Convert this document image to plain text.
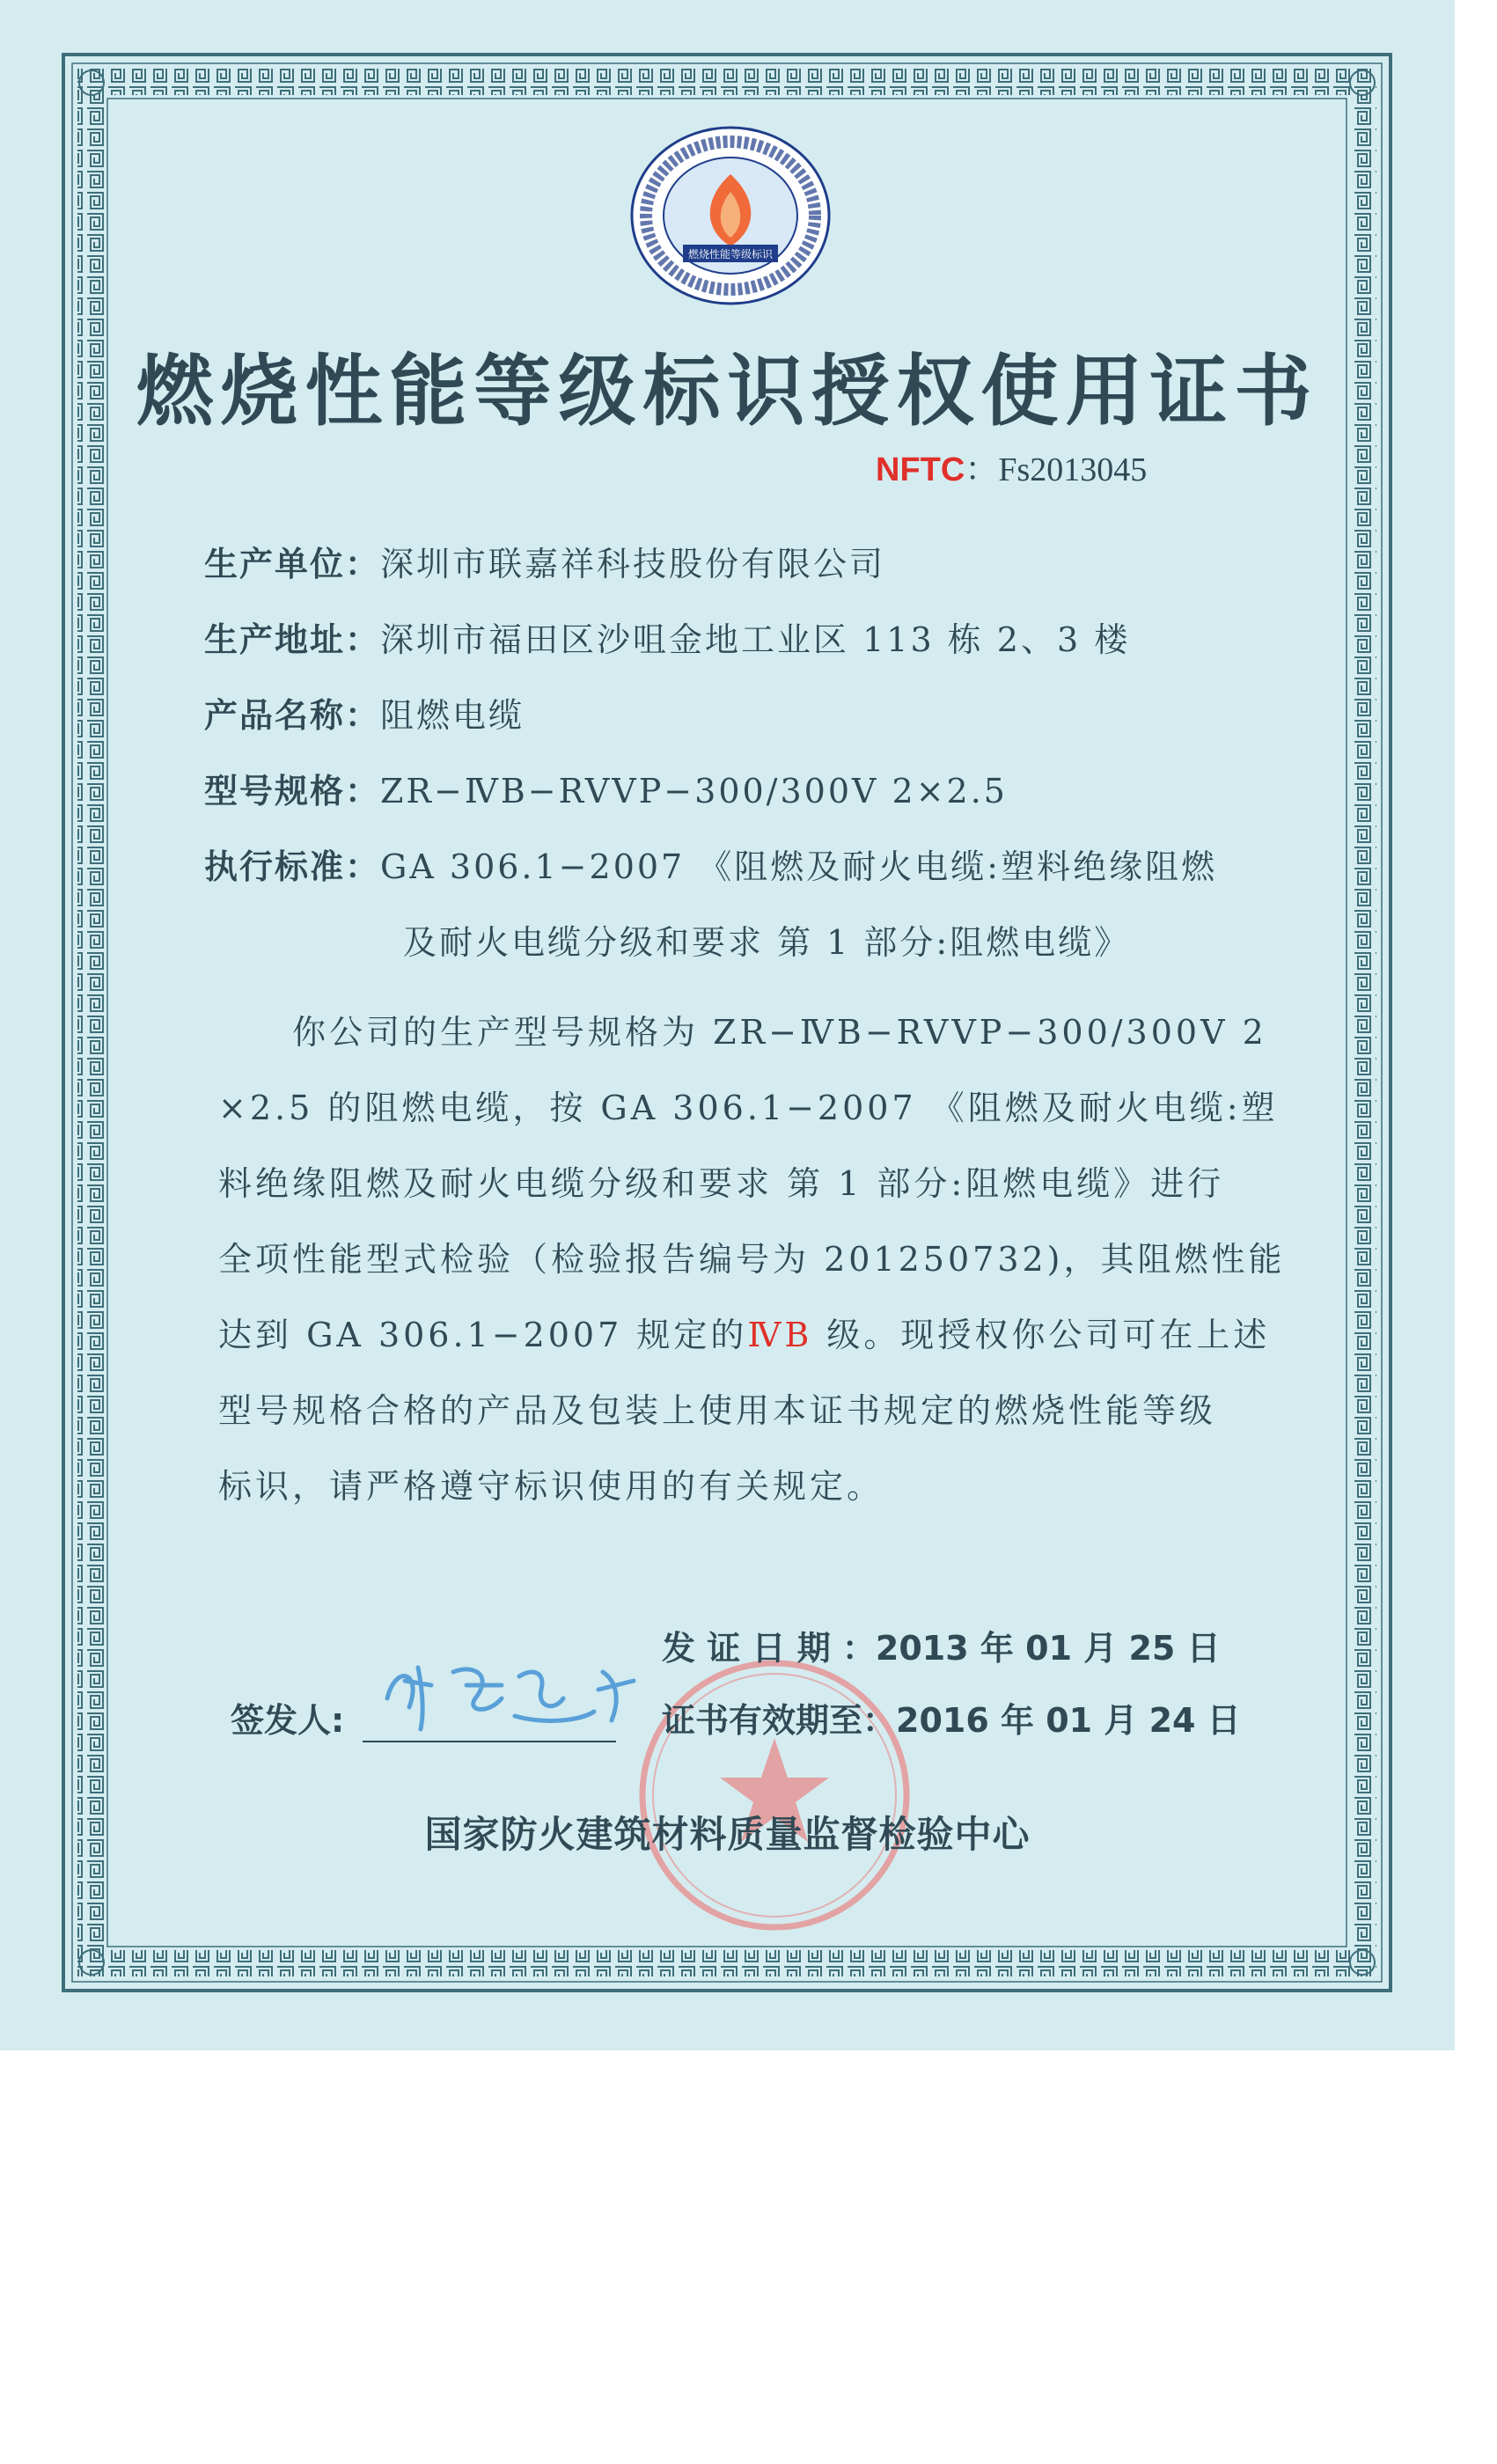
燃烧性能等级标识
燃烧性能等级标识授权使用证书
NFTC：Fs2013045
生产单位：深圳市联嘉祥科技股份有限公司
生产地址：深圳市福田区沙咀金地工业区 113 栋 2、3 楼
产品名称：阻燃电缆
型号规格：ZR−ⅣB−RVVP−300/300V 2×2.5
执行标准：GA 306.1−2007 《阻燃及耐火电缆:塑料绝缘阻燃
及耐火电缆分级和要求 第 1 部分:阻燃电缆》
　　你公司的生产型号规格为 ZR−ⅣB−RVVP−300/300V 2
×2.5 的阻燃电缆，按 GA 306.1−2007 《阻燃及耐火电缆:塑
料绝缘阻燃及耐火电缆分级和要求 第 1 部分:阻燃电缆》进行
全项性能型式检验（检验报告编号为 201250732)，其阻燃性能
达到 GA 306.1−2007 规定的ⅣB 级。现授权你公司可在上述
型号规格合格的产品及包装上使用本证书规定的燃烧性能等级
标识，请严格遵守标识使用的有关规定。
签发人:
发 证 日 期 ：2013 年 01 月 25 日
证书有效期至：2016 年 01 月 24 日
国家防火建筑材料质量监督检验中心
